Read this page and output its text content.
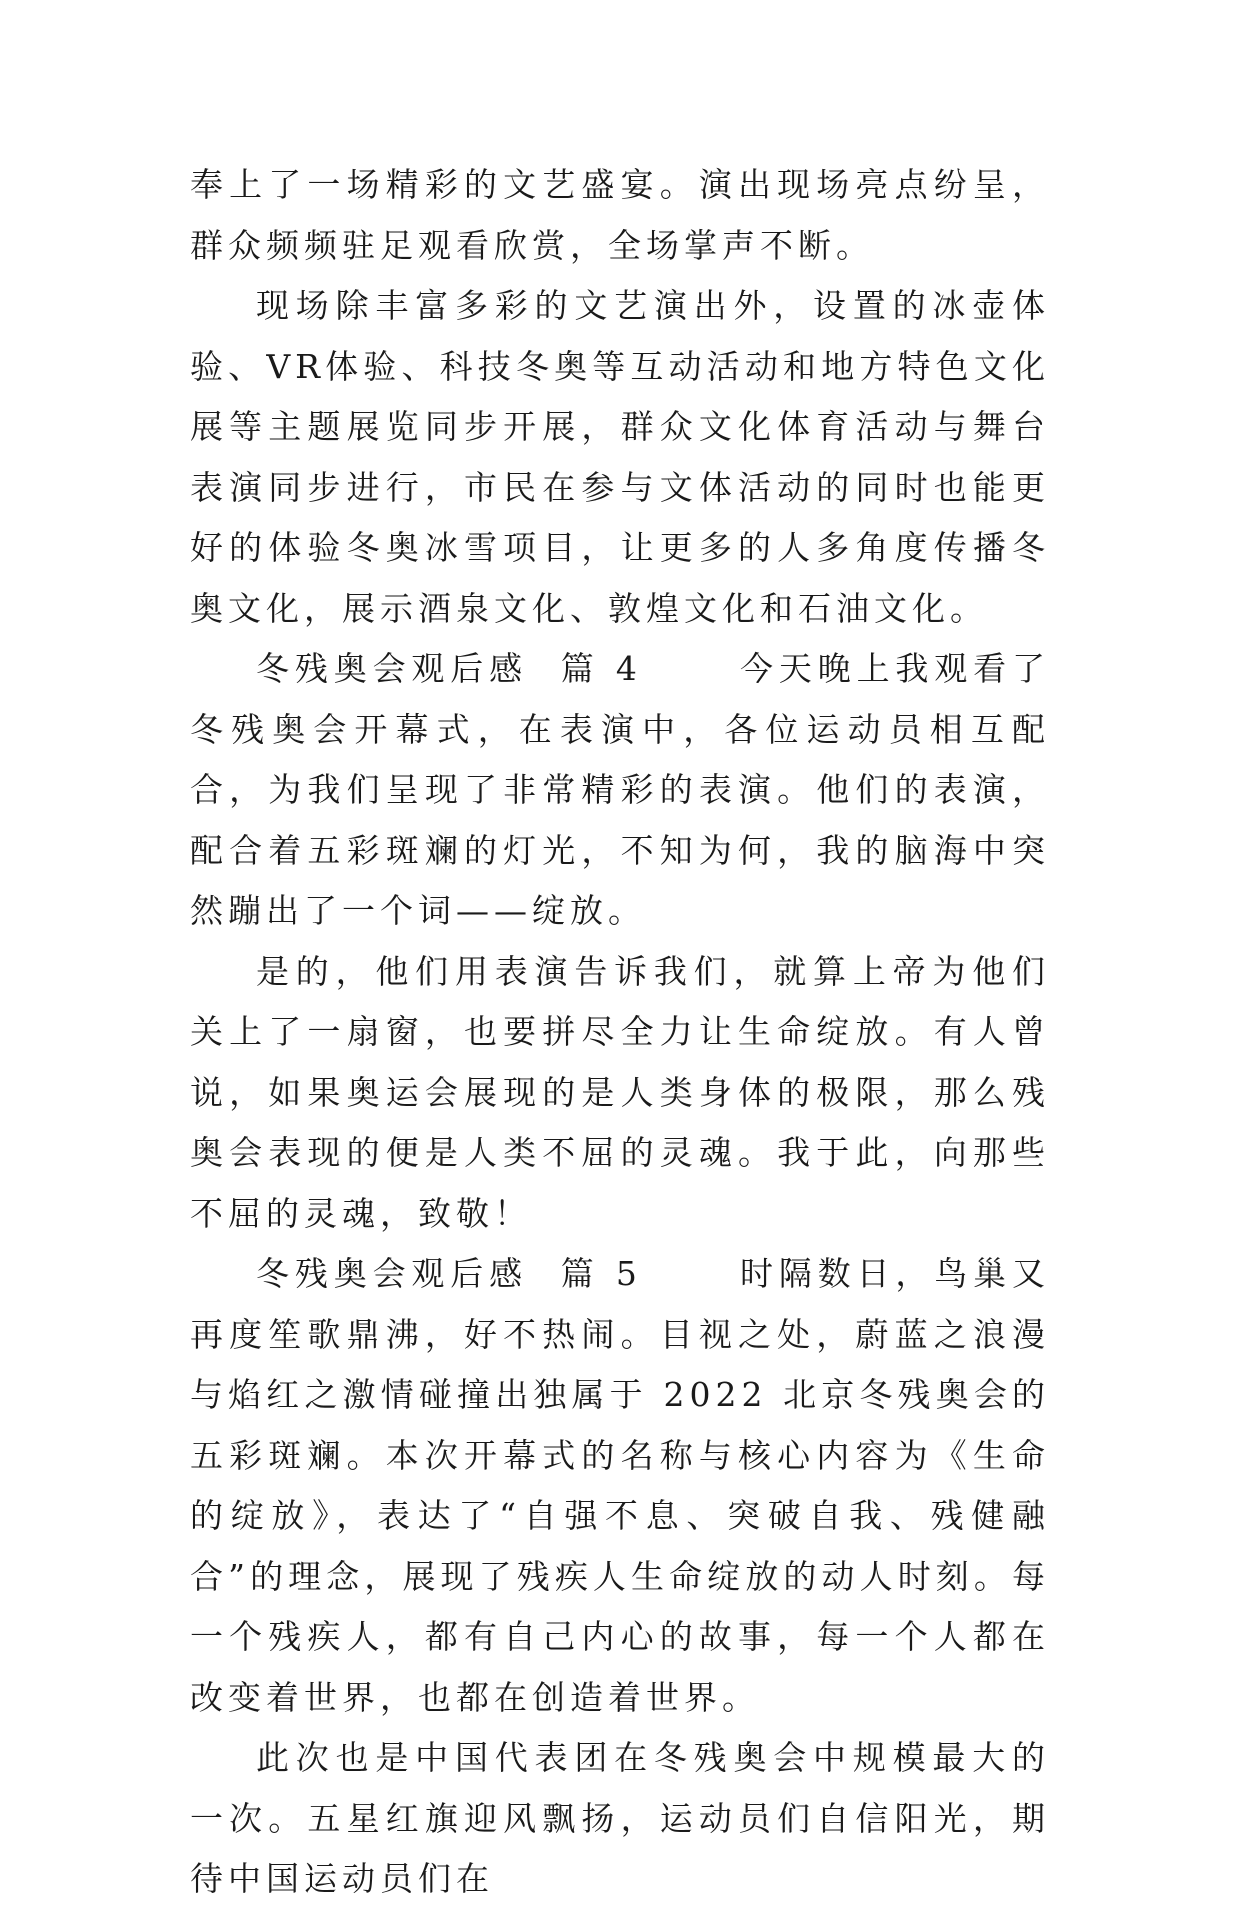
奉上了一场精彩的文艺盛宴。演出现场亮点纷呈，群众频频驻足观看欣赏，全场掌声不断。

现场除丰富多彩的文艺演出外，设置的冰壶体验、VR体验、科技冬奥等互动活动和地方特色文化展等主题展览同步开展，群众文化体育活动与舞台表演同步进行，市民在参与文体活动的同时也能更好的体验冬奥冰雪项目，让更多的人多角度传播冬奥文化，展示酒泉文化、敦煌文化和石油文化。

冬残奥会观后感  篇 4	今天晚上我观看了冬残奥会开幕式，在表演中，各位运动员相互配合，为我们呈现了非常精彩的表演。他们的表演，配合着五彩斑斓的灯光，不知为何，我的脑海中突然蹦出了一个词——绽放。

是的，他们用表演告诉我们，就算上帝为他们关上了一扇窗，也要拼尽全力让生命绽放。有人曾说，如果奥运会展现的是人类身体的极限，那么残奥会表现的便是人类不屈的灵魂。我于此，向那些不屈的灵魂，致敬！

冬残奥会观后感  篇 5	时隔数日，鸟巢又再度笙歌鼎沸，好不热闹。目视之处，蔚蓝之浪漫与焰红之激情碰撞出独属于 2022 北京冬残奥会的五彩斑斓。本次开幕式的名称与核心内容为《生命的绽放》，表达了“自强不息、突破自我、残健融合”的理念，展现了残疾人生命绽放的动人时刻。每一个残疾人，都有自己内心的故事，每一个人都在改变着世界，也都在创造着世界。

此次也是中国代表团在冬残奥会中规模最大的一次。五星红旗迎风飘扬，运动员们自信阳光，期待中国运动员们在
